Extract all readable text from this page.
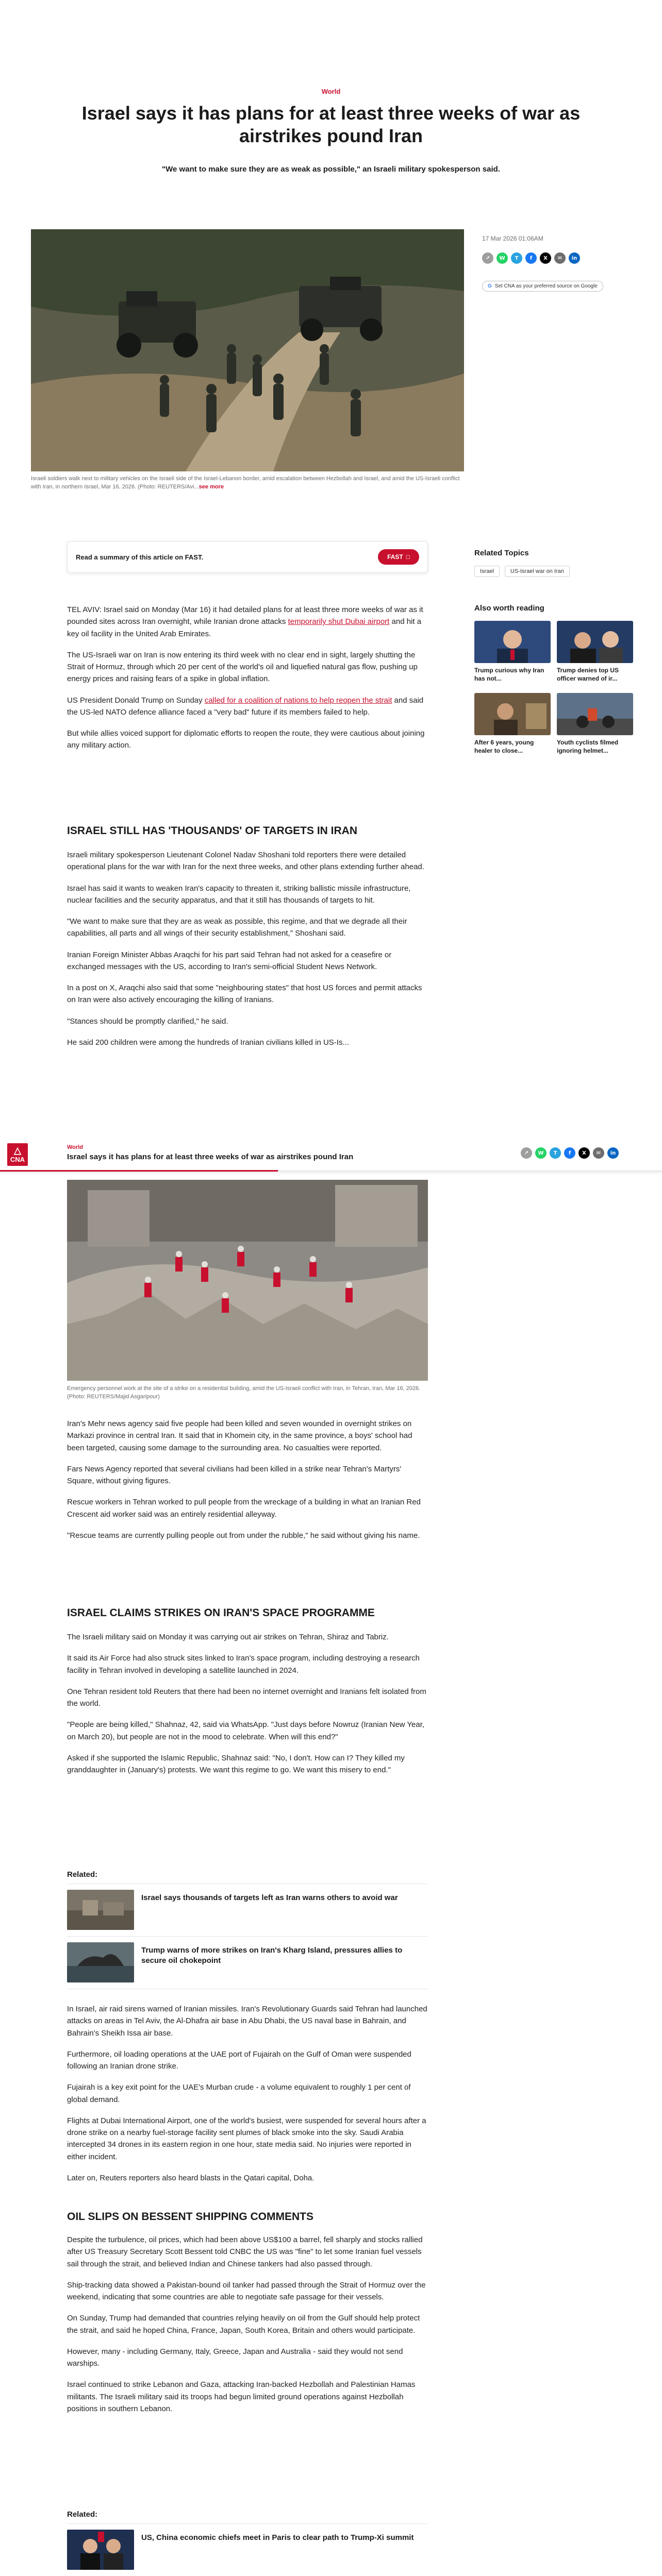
World
Israel says it has plans for at least three weeks of war as airstrikes pound Iran
"We want to make sure they are as weak as possible," an Israeli military spokesperson said.
Israeli soldiers walk next to military vehicles on the Israeli side of the Israel-Lebanon border, amid escalation between Hezbollah and Israel, and amid the US-Israeli conflict with Iran, in northern Israel, Mar 16, 2026. (Photo: REUTERS/Avi...see more
17 Mar 2026 01:06AM
↗	W	T	f	X	✉	in
G Set CNA as your preferred source on Google
Read a summary of this article on FAST.	FAST □

TEL AVIV: Israel said on Monday (Mar 16) it had detailed plans for at least three more weeks of war as it pounded sites across Iran overnight, while Iranian drone attacks temporarily shut Dubai airport and hit a key oil facility in the United Arab Emirates.

The US-Israeli war on Iran is now entering its third week with no clear end in sight, largely shutting the Strait of Hormuz, through which 20 per cent of the world's oil and liquefied natural gas flow, pushing up energy prices and raising fears of a spike in global inflation.

US President Donald Trump on Sunday called for a coalition of nations to help reopen the strait and said the US-led NATO defence alliance faced a "very bad" future if its members failed to help.

But while allies voiced support for diplomatic efforts to reopen the route, they were cautious about joining any military action.

ISRAEL STILL HAS 'THOUSANDS' OF TARGETS IN IRAN

Israeli military spokesperson Lieutenant Colonel Nadav Shoshani told reporters there were detailed operational plans for the war with Iran for the next three weeks, and other plans extending further ahead.

Israel has said it wants to weaken Iran's capacity to threaten it, striking ballistic missile infrastructure, nuclear facilities and the security apparatus, and that it still has thousands of targets to hit.

"We want to make sure that they are as weak as possible, this regime, and that we degrade all their capabilities, all parts and all wings of their security establishment," Shoshani said.

Iranian Foreign Minister Abbas Araqchi for his part said Tehran had not asked for a ceasefire or exchanged messages with the US, according to Iran's semi-official Student News Network.

In a post on X, Araqchi also said that some "neighbouring states" that host US forces and permit attacks on Iran were also actively encouraging the killing of Iranians.

"Stances should be promptly clarified," he said.

He said 200 children were among the hundreds of Iranian civilians killed in US-Is...

Related Topics
Israel	US-Israel war on Iran
Also worth reading
Trump curious why Iran has not...
Trump denies top US officer warned of ir...
After 6 years, young healer to close...
Youth cyclists filmed ignoring helmet...
△
CNA
World
Israel says it has plans for at least three weeks of war as airstrikes pound Iran	↗	W	T	f	X	✉	in
Emergency personnel work at the site of a strike on a residential building, amid the US-Israeli conflict with Iran, in Tehran, Iran, Mar 16, 2026. (Photo: REUTERS/Majid Asgaripour)

Iran's Mehr news agency said five people had been killed and seven wounded in overnight strikes on Markazi province in central Iran. It said that in Khomein city, in the same province, a boys' school had been targeted, causing some damage to the surrounding area. No casualties were reported.

Fars News Agency reported that several civilians had been killed in a strike near Tehran's Martyrs' Square, without giving figures.

Rescue workers in Tehran worked to pull people from the wreckage of a building in what an Iranian Red Crescent aid worker said was an entirely residential alleyway.

"Rescue teams are currently pulling people out from under the rubble," he said without giving his name.

ISRAEL CLAIMS STRIKES ON IRAN'S SPACE PROGRAMME

The Israeli military said on Monday it was carrying out air strikes on Tehran, Shiraz and Tabriz.

It said its Air Force had also struck sites linked to Iran's space program, including destroying a research facility in Tehran involved in developing a satellite launched in 2024.

One Tehran resident told Reuters that there had been no internet overnight and Iranians felt isolated from the world.

"People are being killed," Shahnaz, 42, said via WhatsApp. "Just days before Nowruz (Iranian New Year, on March 20), but people are not in the mood to celebrate. When will this end?"

Asked if she supported the Islamic Republic, Shahnaz said: "No, I don't. How can I? They killed my granddaughter in (January's) protests. We want this regime to go. We want this misery to end."

Related:
Israel says thousands of targets left as Iran warns others to avoid war
Trump warns of more strikes on Iran's Kharg Island, pressures allies to secure oil chokepoint

In Israel, air raid sirens warned of Iranian missiles. Iran's Revolutionary Guards said Tehran had launched attacks on areas in Tel Aviv, the Al-Dhafra air base in Abu Dhabi, the US naval base in Bahrain, and Bahrain's Sheikh Issa air base.

Furthermore, oil loading operations at the UAE port of Fujairah on the Gulf of Oman were suspended following an Iranian drone strike.

Fujairah is a key exit point for the UAE's Murban crude - a volume equivalent to roughly 1 per cent of global demand.

Flights at Dubai International Airport, one of the world's busiest, were suspended for several hours after a drone strike on a nearby fuel-storage facility sent plumes of black smoke into the sky. Saudi Arabia intercepted 34 drones in its eastern region in one hour, state media said. No injuries were reported in either incident.

Later on, Reuters reporters also heard blasts in the Qatari capital, Doha.

OIL SLIPS ON BESSENT SHIPPING COMMENTS

Despite the turbulence, oil prices, which had been above US$100 a barrel, fell sharply and stocks rallied after US Treasury Secretary Scott Bessent told CNBC the US was "fine" to let some Iranian fuel vessels sail through the strait, and believed Indian and Chinese tankers had also passed through.

Ship-tracking data showed a Pakistan-bound oil tanker had passed through the Strait of Hormuz over the weekend, indicating that some countries are able to negotiate safe passage for their vessels.

On Sunday, Trump had demanded that countries relying heavily on oil from the Gulf should help protect the strait, and said he hoped China, France, Japan, South Korea, Britain and others would participate.

However, many - including Germany, Italy, Greece, Japan and Australia - said they would not send warships.

Israel continued to strike Lebanon and Gaza, attacking Iran-backed Hezbollah and Palestinian Hamas militants. The Israeli military said its troops had begun limited ground operations against Hezbollah positions in southern Lebanon.

Related:
US, China economic chiefs meet in Paris to clear path to Trump-Xi summit
